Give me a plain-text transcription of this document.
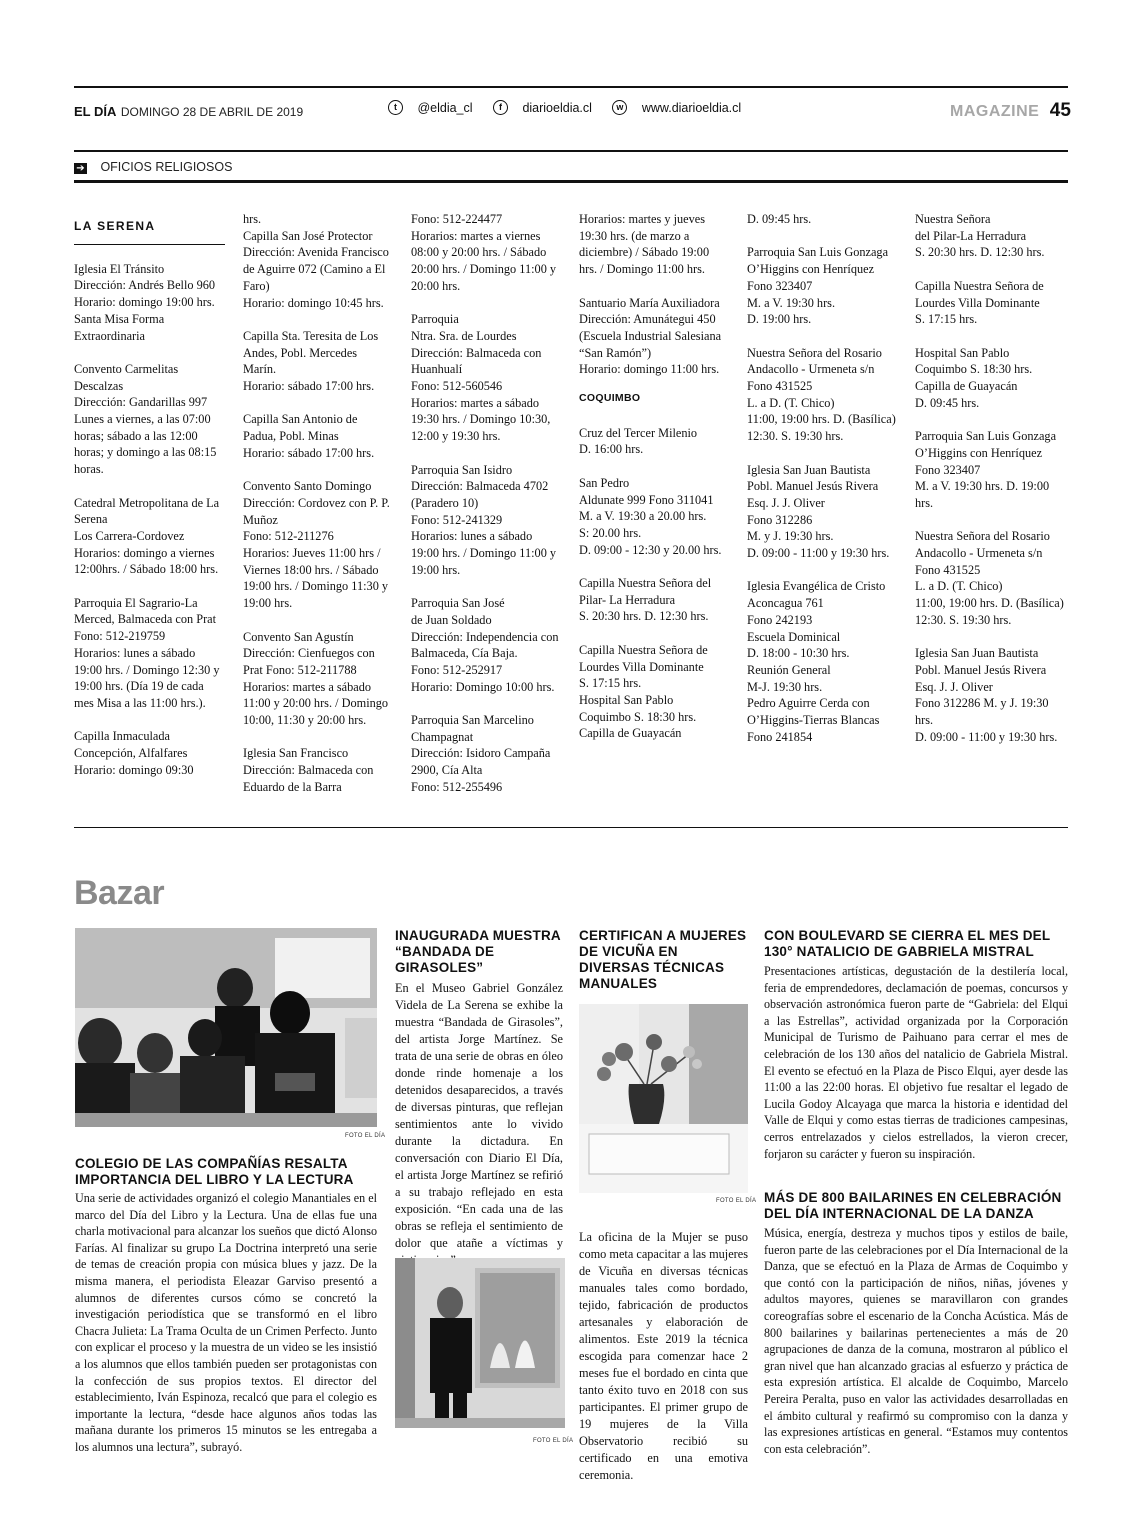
EL DÍA DOMINGO 28 DE ABRIL DE 2019	t @eldia_cl	f diarioeldia.cl	w www.diarioeldia.cl	MAGAZINE 45
➔ OFICIOS RELIGIOSOS
LA SERENA

Iglesia El Tránsito
Dirección: Andrés Bello 960
Horario: domingo 19:00 hrs. Santa Misa Forma Extraordinaria

Convento Carmelitas Descalzas
Dirección: Gandarillas 997
Lunes a viernes, a las 07:00 horas; sábado a las 12:00 horas; y domingo a las 08:15 horas.

Catedral Metropolitana de La Serena
Los Carrera-Cordovez
Horarios: domingo a viernes 12:00hrs. / Sábado 18:00 hrs.

Parroquia El Sagrario-La Merced, Balmaceda con Prat Fono: 512-219759
Horarios: lunes a sábado 19:00 hrs. / Domingo 12:30 y 19:00 hrs. (Día 19 de cada mes Misa a las 11:00 hrs.).

Capilla Inmaculada Concepción, Alfalfares
Horario: domingo 09:30

hrs.
Capilla San José Protector
Dirección: Avenida Francisco de Aguirre 072 (Camino a El Faro)
Horario: domingo 10:45 hrs.

Capilla Sta. Teresita de Los Andes, Pobl. Mercedes Marín.
Horario: sábado 17:00 hrs.

Capilla San Antonio de Padua, Pobl. Minas
Horario: sábado 17:00 hrs.

Convento Santo Domingo
Dirección: Cordovez con P. P. Muñoz
Fono: 512-211276
Horarios: Jueves 11:00 hrs / Viernes 18:00 hrs. / Sábado 19:00 hrs. / Domingo 11:30 y 19:00 hrs.

Convento San Agustín
Dirección: Cienfuegos con Prat Fono: 512-211788
Horarios: martes a sábado 11:00 y 20:00 hrs. / Domingo 10:00, 11:30 y 20:00 hrs.

Iglesia San Francisco
Dirección: Balmaceda con Eduardo de la Barra

Fono: 512-224477
Horarios: martes a viernes 08:00 y 20:00 hrs. / Sábado 20:00 hrs. / Domingo 11:00 y 20:00 hrs.

Parroquia
Ntra. Sra. de Lourdes
Dirección: Balmaceda con Huanhualí
Fono: 512-560546
Horarios: martes a sábado 19:30 hrs. / Domingo 10:30, 12:00 y 19:30 hrs.

Parroquia San Isidro
Dirección: Balmaceda 4702 (Paradero 10)
Fono: 512-241329
Horarios: lunes a sábado 19:00 hrs. / Domingo 11:00 y 19:00 hrs.

Parroquia San José
de Juan Soldado
Dirección: Independencia con Balmaceda, Cía Baja.
Fono: 512-252917
Horario: Domingo 10:00 hrs.

Parroquia San Marcelino Champagnat
Dirección: Isidoro Campaña 2900, Cía Alta
Fono: 512-255496

Horarios: martes y jueves 19:30 hrs. (de marzo a diciembre) / Sábado 19:00 hrs. / Domingo 11:00 hrs.

Santuario María Auxiliadora
Dirección: Amunátegui 450 (Escuela Industrial Salesiana “San Ramón”)
Horario: domingo 11:00 hrs.

COQUIMBO

Cruz del Tercer Milenio
D. 16:00 hrs.

San Pedro
Aldunate 999 Fono 311041
M. a V. 19:30 a 20.00 hrs.
S: 20.00 hrs.
D. 09:00 - 12:30 y 20.00 hrs.

Capilla Nuestra Señora del Pilar- La Herradura
S. 20:30 hrs. D. 12:30 hrs.

Capilla Nuestra Señora de Lourdes Villa Dominante
S. 17:15 hrs.
Hospital San Pablo
Coquimbo S. 18:30 hrs.
Capilla de Guayacán

D. 09:45 hrs.

Parroquia San Luis Gonzaga
O’Higgins con Henríquez
Fono 323407
M. a V. 19:30 hrs.
D. 19:00 hrs.

Nuestra Señora del Rosario
Andacollo - Urmeneta s/n
Fono 431525
L. a D. (T. Chico)
11:00, 19:00 hrs. D. (Basílica)
12:30. S. 19:30 hrs.

Iglesia San Juan Bautista
Pobl. Manuel Jesús Rivera
Esq. J. J. Oliver
Fono 312286
M. y J. 19:30 hrs.
D. 09:00 - 11:00 y 19:30 hrs.

Iglesia Evangélica de Cristo
Aconcagua 761
Fono 242193
Escuela Dominical
D. 18:00 - 10:30 hrs.
Reunión General
M-J. 19:30 hrs.
Pedro Aguirre Cerda con O’Higgins-Tierras Blancas
Fono 241854

Nuestra Señora
del Pilar-La Herradura
S. 20:30 hrs. D. 12:30 hrs.

Capilla Nuestra Señora de Lourdes Villa Dominante
S. 17:15 hrs.

Hospital San Pablo
Coquimbo S. 18:30 hrs.
Capilla de Guayacán
D. 09:45 hrs.

Parroquia San Luis Gonzaga
O’Higgins con Henríquez
Fono 323407
M. a V. 19:30 hrs. D. 19:00 hrs.

Nuestra Señora del Rosario
Andacollo - Urmeneta s/n
Fono 431525
L. a D. (T. Chico)
11:00, 19:00 hrs. D. (Basílica)
12:30. S. 19:30 hrs.

Iglesia San Juan Bautista
Pobl. Manuel Jesús Rivera
Esq. J. J. Oliver
Fono 312286 M. y J. 19:30 hrs.
D. 09:00 - 11:00 y 19:30 hrs.

Bazar
FOTO EL DÍA
COLEGIO DE LAS COMPAÑÍAS RESALTA IMPORTANCIA DEL LIBRO Y LA LECTURA
Una serie de actividades organizó el colegio Manantiales en el marco del Día del Libro y la Lectura. Una de ellas fue una charla motivacional para alcanzar los sueños que dictó Alonso Farías. Al finalizar su grupo La Doctrina interpretó una serie de temas de creación propia con música blues y jazz. De la misma manera, el periodista Eleazar Garviso presentó a alumnos de diferentes cursos cómo se concretó la investigación periodística que se transformó en el libro Chacra Julieta: La Trama Oculta de un Crimen Perfecto. Junto con explicar el proceso y la muestra de un video se les insistió a los alumnos que ellos también pueden ser protagonistas con la confección de sus propios textos. El director del establecimiento, Iván Espinoza, recalcó que para el colegio es importante la lectura, “desde hace algunos años todas las mañana durante los primeros 15 minutos se les entregaba a los alumnos una lectura”, subrayó.
INAUGURADA MUESTRA “BANDADA DE GIRASOLES”
En el Museo Gabriel González Videla de La Serena se exhibe la muestra “Bandada de Girasoles”, del artista Jorge Martínez. Se trata de una serie de obras en óleo donde rinde homenaje a los detenidos desaparecidos, a través de diversas pinturas, que reflejan sentimientos ante lo vivido durante la dictadura. En conversación con Diario El Día, el artista Jorge Martínez se refirió a su trabajo reflejado en esta exposición. “En cada una de las obras se refleja el sentimiento de dolor que atañe a víctimas y
FOTO EL DÍA
CERTIFICAN A MUJERES DE VICUÑA EN DIVERSAS TÉCNICAS MANUALES
FOTO EL DÍA
La oficina de la Mujer se puso como meta capacitar a las mujeres de Vicuña en diversas técnicas manuales tales como bordado, tejido, fabricación de productos artesanales y elaboración de alimentos. Este 2019 la técnica escogida para comenzar hace 2 meses fue el bordado en cinta que tanto éxito tuvo en 2018 con sus participantes. El primer grupo de 19 mujeres de la Villa Observatorio recibió su certificado en una emotiva ceremonia.
CON BOULEVARD SE CIERRA EL MES DEL 130° NATALICIO DE GABRIELA MISTRAL
Presentaciones artísticas, degustación de la destilería local, feria de emprendedores, declamación de poemas, concursos y observación astronómica fueron parte de “Gabriela: del Elqui a las Estrellas”, actividad organizada por la Corporación Municipal de Turismo de Paihuano para cerrar el mes de celebración de los 130 años del natalicio de Gabriela Mistral. El evento se efectuó en la Plaza de Pisco Elqui, ayer desde las 11:00 a las 22:00 horas. El objetivo fue resaltar el legado de Lucila Godoy Alcayaga que marca la historia e identidad del Valle de Elqui y como estas tierras de tradiciones campesinas, cerros entrelazados y cielos estrellados, la vieron crecer, forjaron su carácter y fueron su inspiración.
MÁS DE 800 BAILARINES EN CELEBRACIÓN DEL DÍA INTERNACIONAL DE LA DANZA
Música, energía, destreza y muchos tipos y estilos de baile, fueron parte de las celebraciones por el Día Internacional de la Danza, que se efectuó en la Plaza de Armas de Coquimbo y que contó con la participación de niños, niñas, jóvenes y adultos mayores, quienes se maravillaron con grandes coreografías sobre el escenario de la Concha Acústica. Más de 800 bailarines y bailarinas pertenecientes a más de 20 agrupaciones de danza de la comuna, mostraron al público el gran nivel que han alcanzado gracias al esfuerzo y práctica de esta expresión artística. El alcalde de Coquimbo, Marcelo Pereira Peralta, puso en valor las actividades desarrolladas en el ámbito cultural y reafirmó su compromiso con la danza y las expresiones artísticas en general. “Estamos muy contentos con esta celebración”.
